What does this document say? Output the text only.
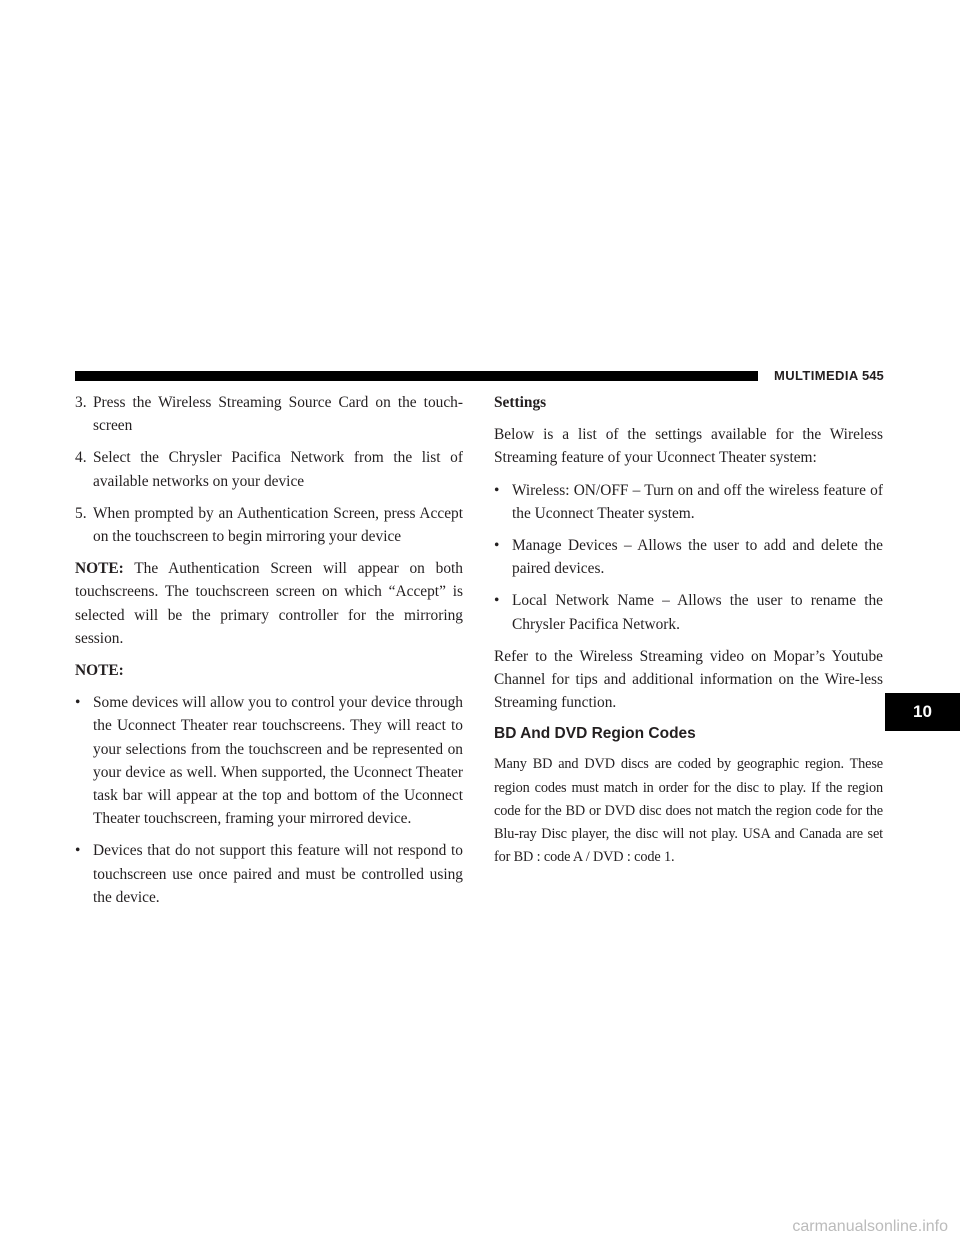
MULTIMEDIA 545
3. Press the Wireless Streaming Source Card on the touch-screen
4. Select the Chrysler Pacifica Network from the list of available networks on your device
5. When prompted by an Authentication Screen, press Accept on the touchscreen to begin mirroring your device

NOTE: The Authentication Screen will appear on both touchscreens. The touchscreen screen on which “Accept” is selected will be the primary controller for the mirroring session.

NOTE:

• Some devices will allow you to control your device through the Uconnect Theater rear touchscreens. They will react to your selections from the touchscreen and be represented on your device as well. When supported, the Uconnect Theater task bar will appear at the top and bottom of the Uconnect Theater touchscreen, framing your mirrored device.
• Devices that do not support this feature will not respond to touchscreen use once paired and must be controlled using the device.

Settings

Below is a list of the settings available for the Wireless Streaming feature of your Uconnect Theater system:

• Wireless: ON/OFF – Turn on and off the wireless feature of the Uconnect Theater system.
• Manage Devices – Allows the user to add and delete the paired devices.
• Local Network Name – Allows the user to rename the Chrysler Pacifica Network.

Refer to the Wireless Streaming video on Mopar’s Youtube Channel for tips and additional information on the Wire-less Streaming function.

BD And DVD Region Codes

Many BD and DVD discs are coded by geographic region. These region codes must match in order for the disc to play. If the region code for the BD or DVD disc does not match the region code for the Blu-ray Disc player, the disc will not play. USA and Canada are set for BD : code A / DVD : code 1.

10
carmanualsonline.info
